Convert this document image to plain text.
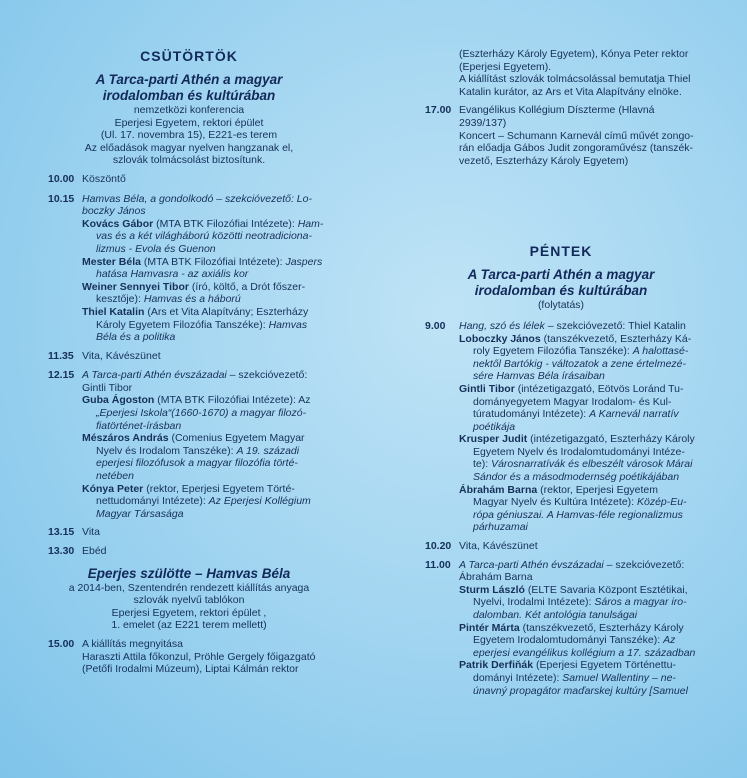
CSÜTÖRTÖK

A Tarca-parti Athén a magyar

irodalomban és kultúrában

nemzetközi konferencia

Eperjesi Egyetem, rektori épület

(Ul. 17. novembra 15), E221-es terem

Az előadások magyar nyelven hangzanak el,

szlovák tolmácsolást biztosítunk.

10.00 Köszöntő
10.15 Hamvas Béla, a gondolkodó – szekcióvezető: Lo-
boczky János
Kovács Gábor (MTA BTK Filozófiai Intézete): Ham-
vas és a két világháború közötti neotradicionа-
lizmus - Evola és Guenon
Mester Béla (MTA BTK Filozófiai Intézete): Jaspers
hatása Hamvasra - az axiális kor
Weiner Sennyei Tibor (író, költő, a Drót főszer-
kesztője): Hamvas és a háború
Thiel Katalin (Ars et Vita Alapítvány; Eszterházy
Károly Egyetem Filozófia Tanszéke): Hamvas
Béla és a politika
11.35 Vita, Kávészünet
12.15 A Tarca-parti Athén évszázadai – szekcióvezető:
Gintli Tibor
Guba Ágoston (MTA BTK Filozófiai Intézete): Az
„Eperjesi Iskola“(1660-1670) a magyar filozó-
fiatörténet-írásban
Mészáros András (Comenius Egyetem Magyar
Nyelv és Irodalom Tanszéke): A 19. századi
eperjesi filozófusok a magyar filozófia törté-
netében
Kónya Peter (rektor, Eperjesi Egyetem Törté-
nettudományi Intézete): Az Eperjesi Kollégium
Magyar Társasága
13.15 Vita
13.30 Ebéd

Eperjes szülötte – Hamvas Béla

a 2014-ben, Szentendrén rendezett kiállítás anyaga

szlovák nyelvű tablókon

Eperjesi Egyetem, rektori épület ,

1. emelet (az E221 terem mellett)

15.00 A kiállítás megnyitása
Haraszti Attila főkonzul, Pröhle Gergely főigazgató
(Petőfi Irodalmi Múzeum), Liptai Kálmán rektor
(Eszterházy Károly Egyetem), Kónya Peter rektor
(Eperjesi Egyetem).
A kiállítást szlovák tolmácsolással bemutatja Thiel
Katalin kurátor, az Ars et Vita Alapítvány elnöke.
17.00 Evangélikus Kollégium Díszterme (Hlavná 2939/137)
Koncert – Schumann Karnevál című művét zongo-
rán előadja Gábos Judit zongoraművész (tanszék-
vezető, Eszterházy Károly Egyetem)

PÉNTEK

A Tarca-parti Athén a magyar

irodalomban és kultúrában

(folytatás)

9.00	Hang, szó és lélek – szekcióvezető: Thiel Katalin
Loboczky János (tanszékvezető, Eszterházy Ká-
roly Egyetem Filozófia Tanszéke): A halottasé-
nektől Bartókig - változatok a zene értelmezé-
sére Hamvas Béla írásaiban
Gintli Tibor (intézetigazgató, Eötvös Loránd Tu-
dományegyetem Magyar Irodalom- és Kul-
túratudományi Intézete): A Karnevál narratív
poétikája
Krusper Judit (intézetigazgató, Eszterházy Károly
Egyetem Nyelv és Irodalomtudományi Intéze-
te): Városnarratívák és elbeszélt városok Márai
Sándor és a másodmodernség poétikájában
Ábrahám Barna (rektor, Eperjesi Egyetem
Magyar Nyelv és Kultúra Intézete): Közép-Eu-
rópa géniuszai. A Hamvas-féle regionalizmus
párhuzamai
10.20 Vita, Kávészünet
11.00 A Tarca-parti Athén évszázadai – szekcióvezető:
Ábrahám Barna
Sturm László (ELTE Savaria Központ Esztétikai,
Nyelvi, Irodalmi Intézete): Sáros a magyar iro-
dalomban. Két antológia tanulságai
Pintér Márta (tanszékvezető, Eszterházy Károly
Egyetem Irodalomtudományi Tanszéke): Az
eperjesi evangélikus kollégium a 17. században
Patrik Derfiňák (Eperjesi Egyetem Történettu-
dományi Intézete): Samuel Wallentiny – ne-
únavný propagátor maďarskej kultúry [Samuel
